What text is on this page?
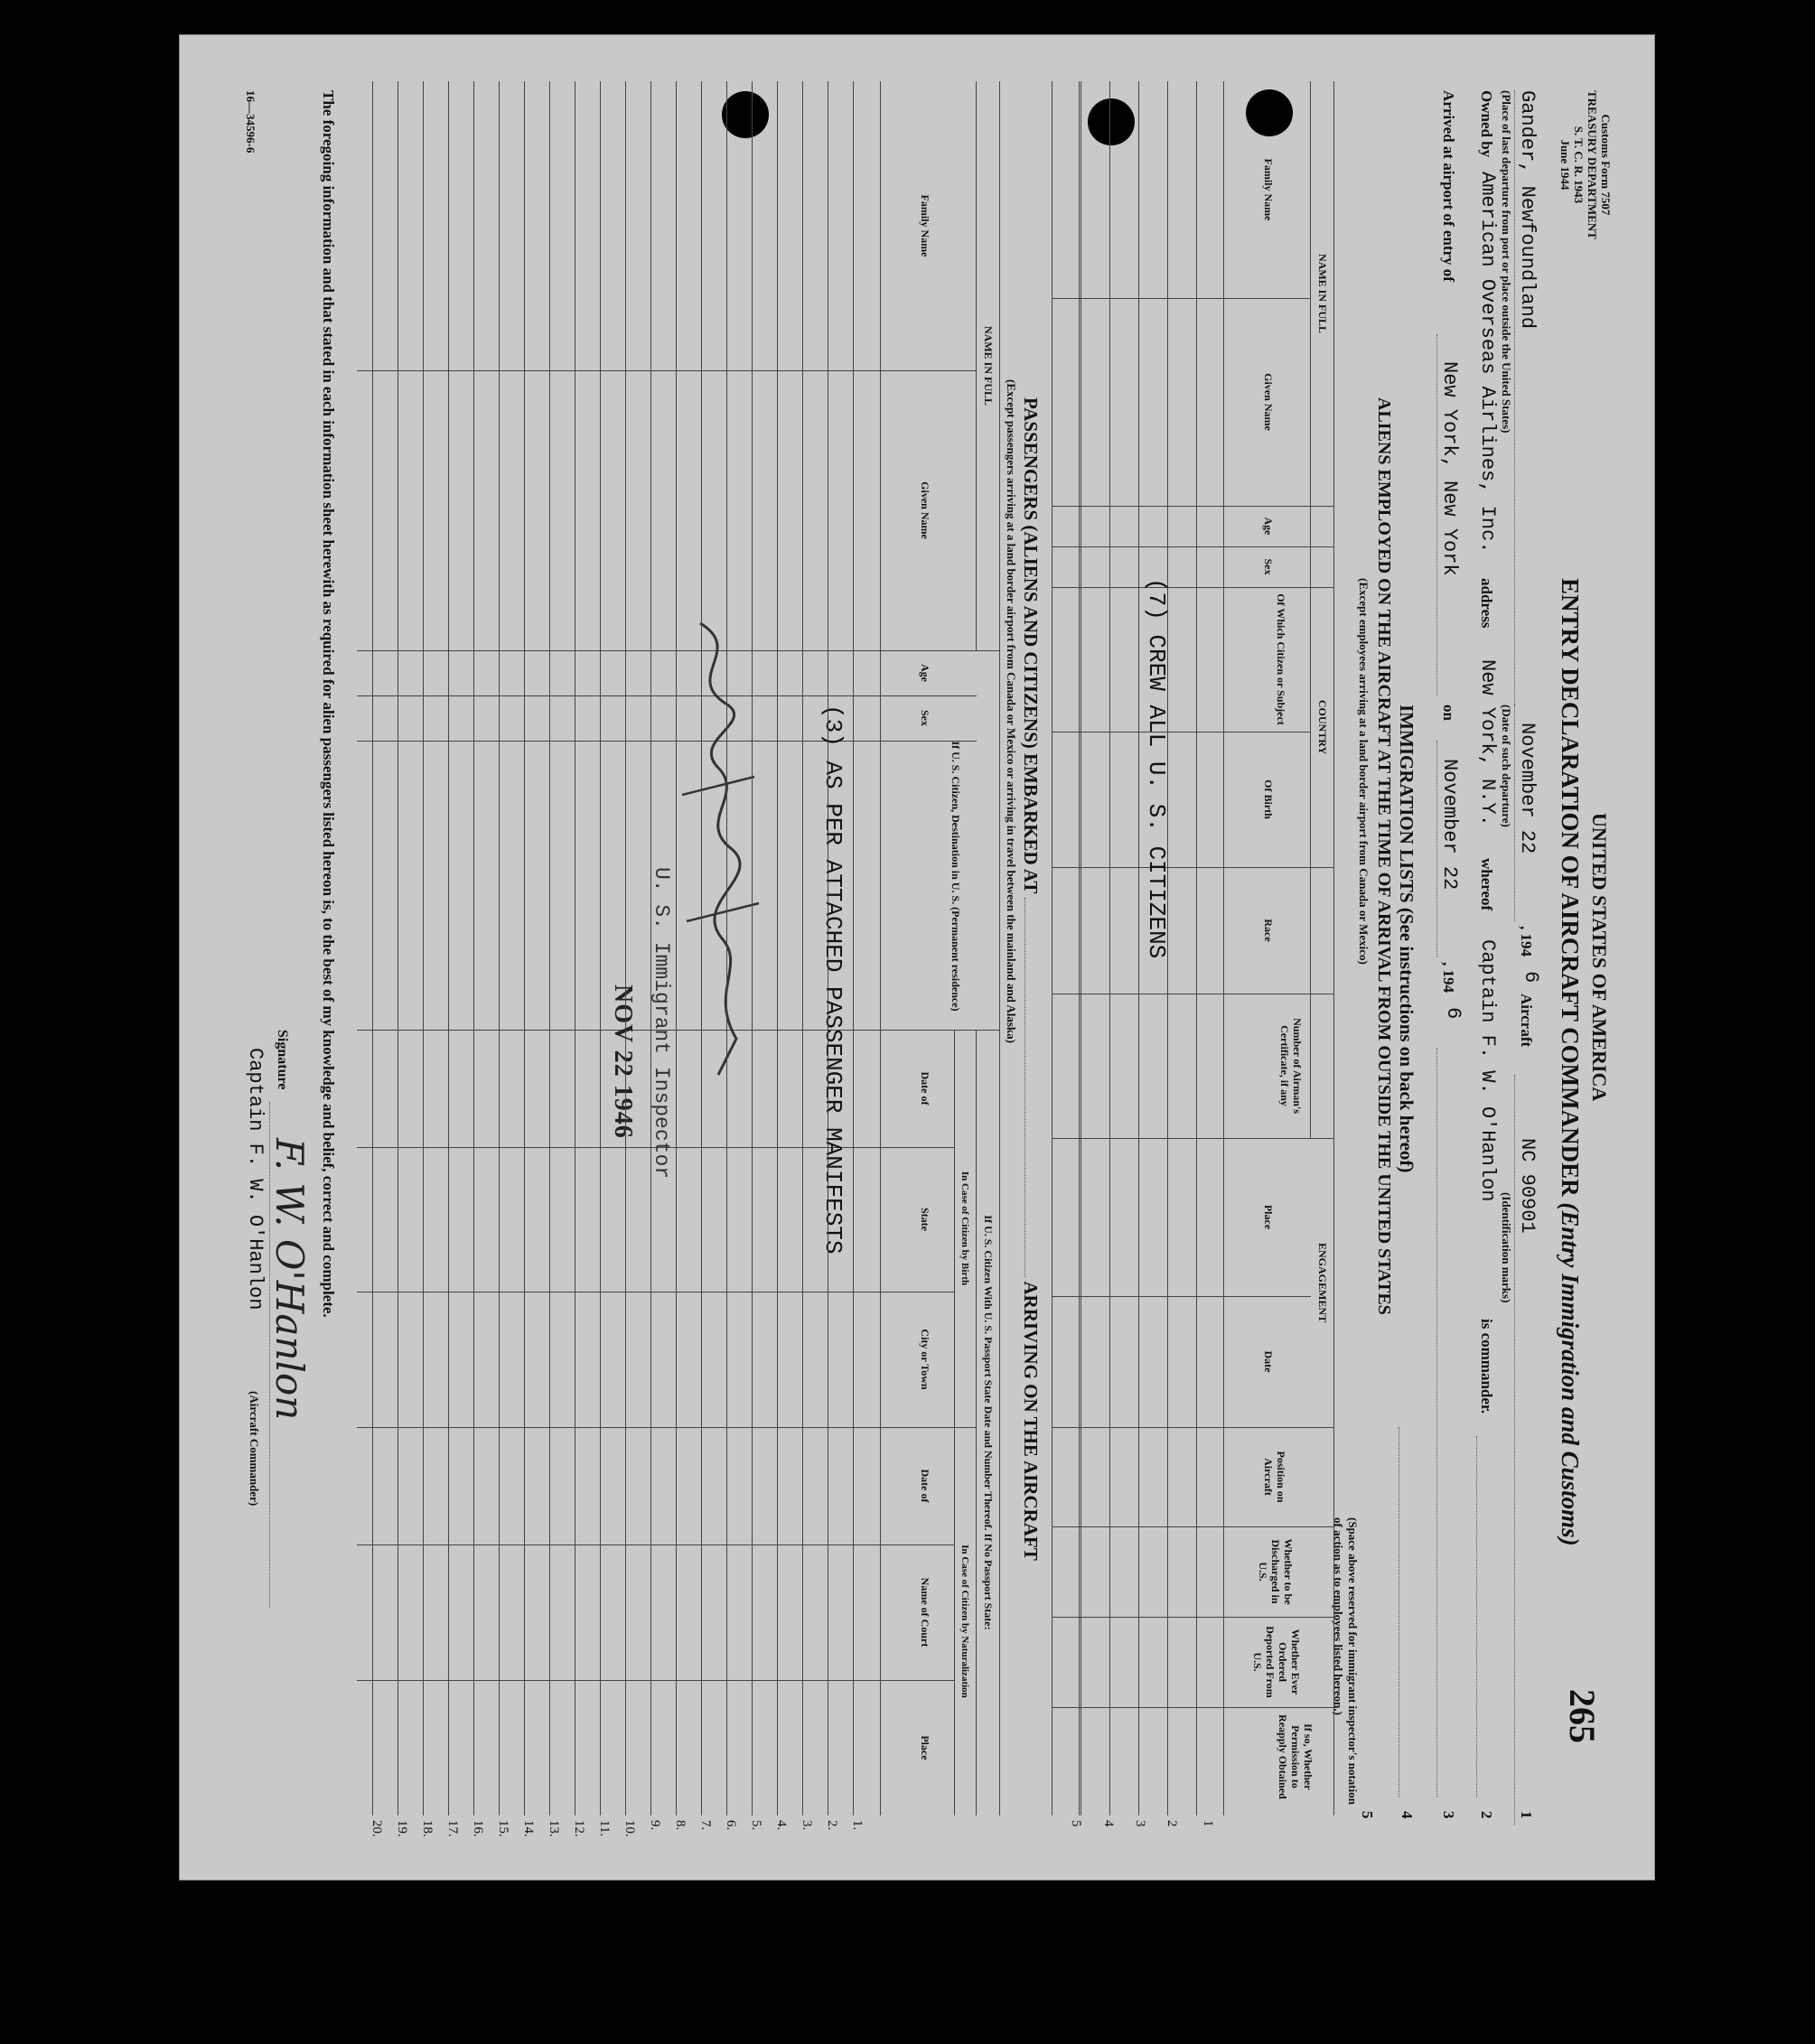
Customs Form 7507
TREASURY DEPARTMENT
S. T. C. R. 1943
June 1944
UNITED STATES OF AMERICA
ENTRY DECLARATION OF AIRCRAFT COMMANDER (Entry Immigration and Customs)
265
Gander, Newfoundland
November 22
, 194
6
Aircraft
NC 90901
1
(Place of last departure from port or place outside the United States)
(Date of such departure)
(Identification marks)
Owned by
American Overseas Airlines, Inc.
address
New York, N.Y.
whereof
Captain F. W. O'Hanlon
is commander.
2
Arrived at airport of entry of
New York, New York
on
November 22
, 194
6
3
IMMIGRATION LISTS (See instructions on back hereof)
4
ALIENS EMPLOYED ON THE AIRCRAFT AT THE TIME OF ARRIVAL FROM OUTSIDE THE UNITED STATES
(Except employees arriving at a land border airport from Canada or Mexico)
5
(Space above reserved for immigrant inspector's notation of action as to employees listed hereon.)
NAME IN FULL
COUNTRY
ENGAGEMENT
Family Name
Given Name
Age
Sex
Of Which Citizen or Subject
Of Birth
Race
Number of Airman's Certificate, if any
Place
Date
Position on Aircraft
Whether to be Discharged in U.S.
Whether Ever Ordered Deported From U.S.
If so, Whether Permission to Reapply Obtained
(7) CREW ALL U. S. CITIZENS
1
2
3
4
5
PASSENGERS (ALIENS AND CITIZENS) EMBARKED AT  ARRIVING ON THE AIRCRAFT
(Except passengers arriving at a land border airport from Canada or Mexico or arriving in travel between the mainland and Alaska)
NAME IN FULL
If U. S. Citizen With U. S. Passport State Date and Number Thereof. If No Passport State:
In Case of Citizen by Birth
In Case of Citizen by Naturalization
If U. S. Citizen, Destination in U. S. (Permanent residence)
Family Name
Given Name
Age
Sex
Date of
State
City or Town
Date of
Name of Court
Place
1.
2.
3.
4.
5.
6.
7.
8.
9.
10.
11.
12.
13.
14.
15.
16.
17.
18.
19.
20.
(3) AS PER ATTACHED PASSENGER MANIFESTS
U. S. Immigrant Inspector
NOV 22 1946
The foregoing information and that stated in each information sheet herewith as required for alien passengers listed hereon is, to the best of my knowledge and belief, correct and complete.
Signature
F. W. O'Hanlon
Captain F. W. O'Hanlon
(Aircraft Commander)
16—34596-6
